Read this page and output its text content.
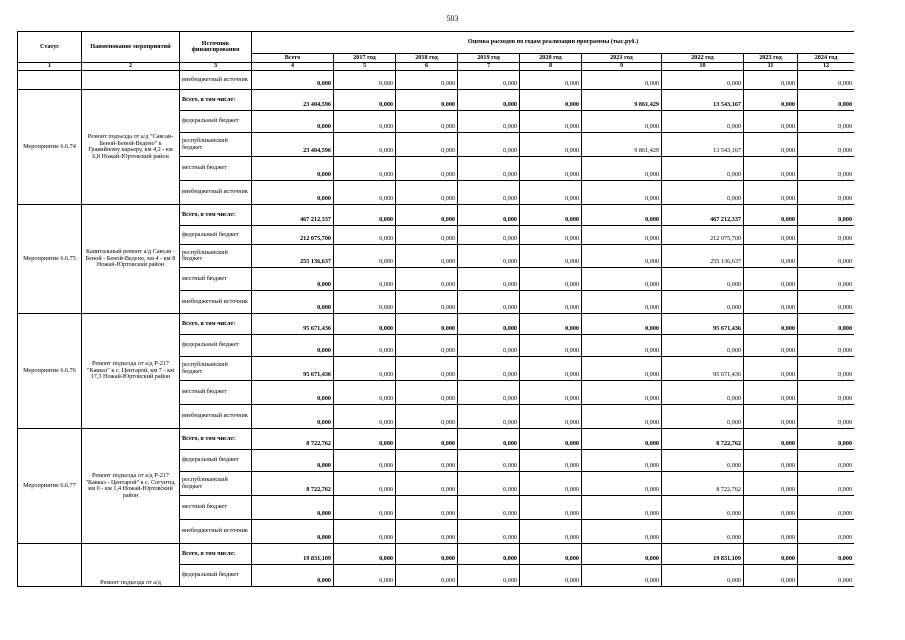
503
Статус	Наименование мероприятий	Источник финансирования	Оценка расходов по годам реализации программы (тыс.руб.)								
			Всего	2017 год	2018 год	2019 год	2020 год	2021 год	2022 год	2023 год	2024 год
1	2	3	4	5	6	7	8	9	10	11	12
		внебюджетный источник	0,000	0,000	0,000	0,000	0,000	0,000	0,000	0,000	0,000
Мероприятие 6.6.74	Ремонт подъезда от а/д "Савсан-Беной-Беной-Ведено" к Гравийному карьеру, км 4,2 - км 6,8 Ножай-Юртовский район	Всего, в том числе:	23 404,596	0,000	0,000	0,000	0,000	9 861,429	13 543,167	0,000	0,000
		федеральный бюджет	0,000	0,000	0,000	0,000	0,000	0,000	0,000	0,000	0,000
		республиканский бюджет	23 404,596	0,000	0,000	0,000	0,000	9 861,429	13 543,167	0,000	0,000
		местный бюджет	0,000	0,000	0,000	0,000	0,000	0,000	0,000	0,000	0,000
		внебюджетный источник	0,000	0,000	0,000	0,000	0,000	0,000	0,000	0,000	0,000
Мероприятие 6.6.75	Капитальный ремонт а/д Савсан - Беной - Беной-Ведено, км 4 - км 8 Ножай-Юртовский район	Всего, в том числе:	467 212,337	0,000	0,000	0,000	0,000	0,000	467 212,337	0,000	0,000
		федеральный бюджет	212 075,700	0,000	0,000	0,000	0,000	0,000	212 075,700	0,000	0,000
		республиканский бюджет	255 136,637	0,000	0,000	0,000	0,000	0,000	255 136,637	0,000	0,000
		местный бюджет	0,000	0,000	0,000	0,000	0,000	0,000	0,000	0,000	0,000
		внебюджетный источник	0,000	0,000	0,000	0,000	0,000	0,000	0,000	0,000	0,000
Мероприятие 6.6.76	Ремонт подъезда от а/д Р-217 "Кавказ" к с. Центарой, км 7 - км 17,3 Ножай-Юртовский район	Всего, в том числе:	95 671,436	0,000	0,000	0,000	0,000	0,000	95 671,436	0,000	0,000
		федеральный бюджет	0,000	0,000	0,000	0,000	0,000	0,000	0,000	0,000	0,000
		республиканский бюджет	95 671,436	0,000	0,000	0,000	0,000	0,000	95 671,436	0,000	0,000
		местный бюджет	0,000	0,000	0,000	0,000	0,000	0,000	0,000	0,000	0,000
		внебюджетный источник	0,000	0,000	0,000	0,000	0,000	0,000	0,000	0,000	0,000
Мероприятие 6.6.77	Ремонт подъезда от а/д Р-217 "Кавказ - Центарой" к с. Согунты, км 0 - км 1,4 Ножай-Юртовский район	Всего, в том числе:	8 722,762	0,000	0,000	0,000	0,000	0,000	8 722,762	0,000	0,000
		федеральный бюджет	0,000	0,000	0,000	0,000	0,000	0,000	0,000	0,000	0,000
		республиканский бюджет	8 722,762	0,000	0,000	0,000	0,000	0,000	8 722,762	0,000	0,000
		местный бюджет	0,000	0,000	0,000	0,000	0,000	0,000	0,000	0,000	0,000
		внебюджетный источник	0,000	0,000	0,000	0,000	0,000	0,000	0,000	0,000	0,000
	Ремонт подъезда от а/д	Всего, в том числе:	19 831,109	0,000	0,000	0,000	0,000	0,000	19 831,109	0,000	0,000
		федеральный бюджет	0,000	0,000	0,000	0,000	0,000	0,000	0,000	0,000	0,000
